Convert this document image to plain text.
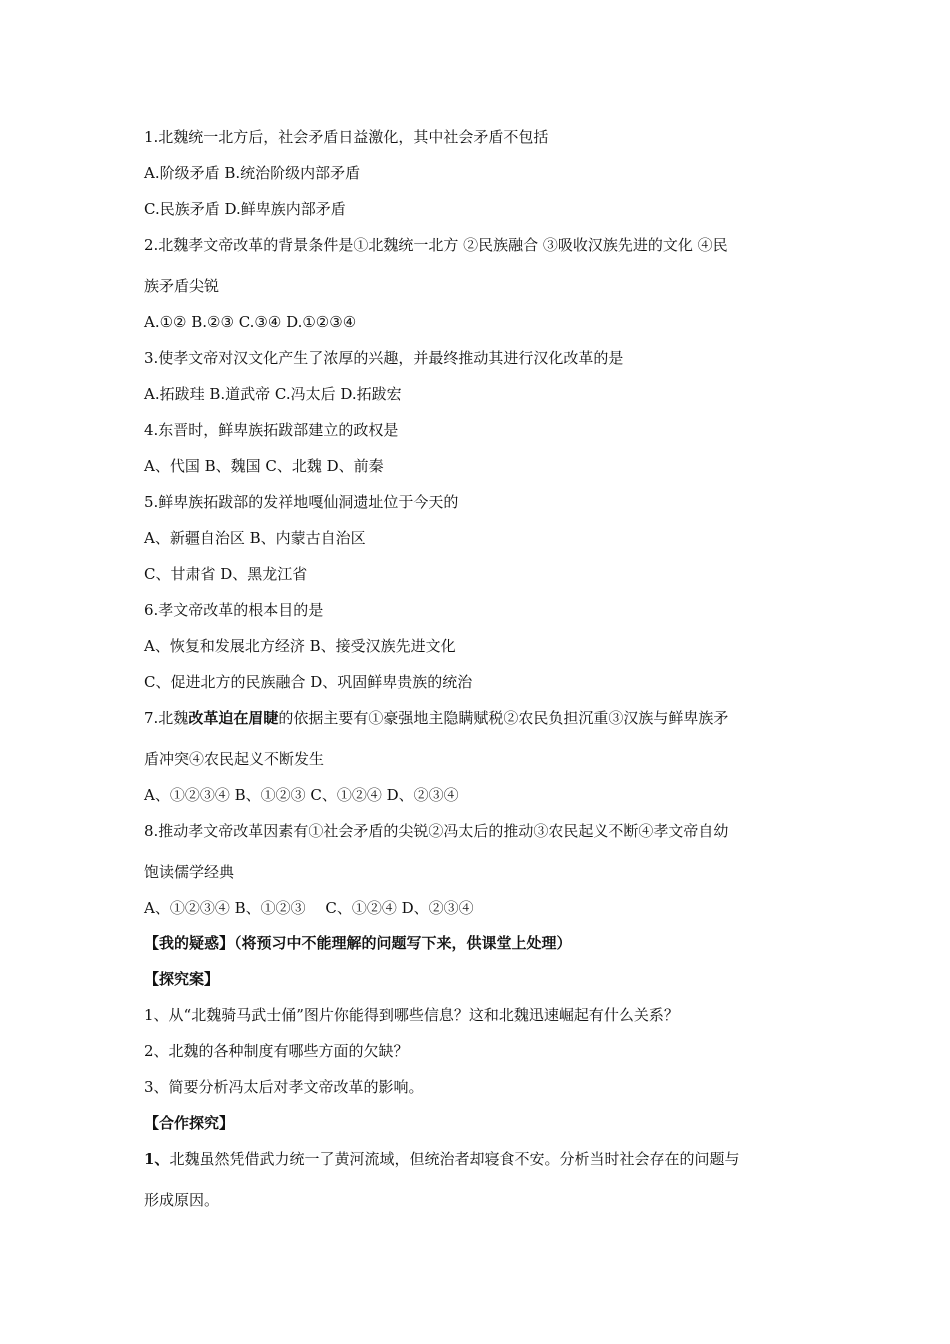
1.北魏统一北方后，社会矛盾日益激化，其中社会矛盾不包括
A.阶级矛盾 B.统治阶级内部矛盾
C.民族矛盾 D.鲜卑族内部矛盾
2.北魏孝文帝改革的背景条件是①北魏统一北方 ②民族融合 ③吸收汉族先进的文化 ④民
族矛盾尖锐
A.①② B.②③ C.③④ D.①②③④
3.使孝文帝对汉文化产生了浓厚的兴趣，并最终推动其进行汉化改革的是
A.拓跋珪 B.道武帝 C.冯太后 D.拓跋宏
4.东晋时，鲜卑族拓跋部建立的政权是
A、代国 B、魏国 C、北魏 D、前秦
5.鲜卑族拓跋部的发祥地嘎仙洞遗址位于今天的
A、新疆自治区 B、内蒙古自治区
C、甘肃省 D、黑龙江省
6.孝文帝改革的根本目的是
A、恢复和发展北方经济 B、接受汉族先进文化
C、促进北方的民族融合 D、巩固鲜卑贵族的统治
7.北魏改革迫在眉睫的依据主要有①豪强地主隐瞒赋税②农民负担沉重③汉族与鲜卑族矛
盾冲突④农民起义不断发生
A、①②③④ B、①②③ C、①②④ D、②③④
8.推动孝文帝改革因素有①社会矛盾的尖锐②冯太后的推动③农民起义不断④孝文帝自幼
饱读儒学经典
A、①②③④ B、①②③　 C、①②④ D、②③④
【我的疑惑】（将预习中不能理解的问题写下来，供课堂上处理）
【探究案】
1、从“北魏骑马武士俑”图片你能得到哪些信息？这和北魏迅速崛起有什么关系？
2、北魏的各种制度有哪些方面的欠缺？
3、简要分析冯太后对孝文帝改革的影响。
【合作探究】
1、北魏虽然凭借武力统一了黄河流域，但统治者却寝食不安。分析当时社会存在的问题与
形成原因。
